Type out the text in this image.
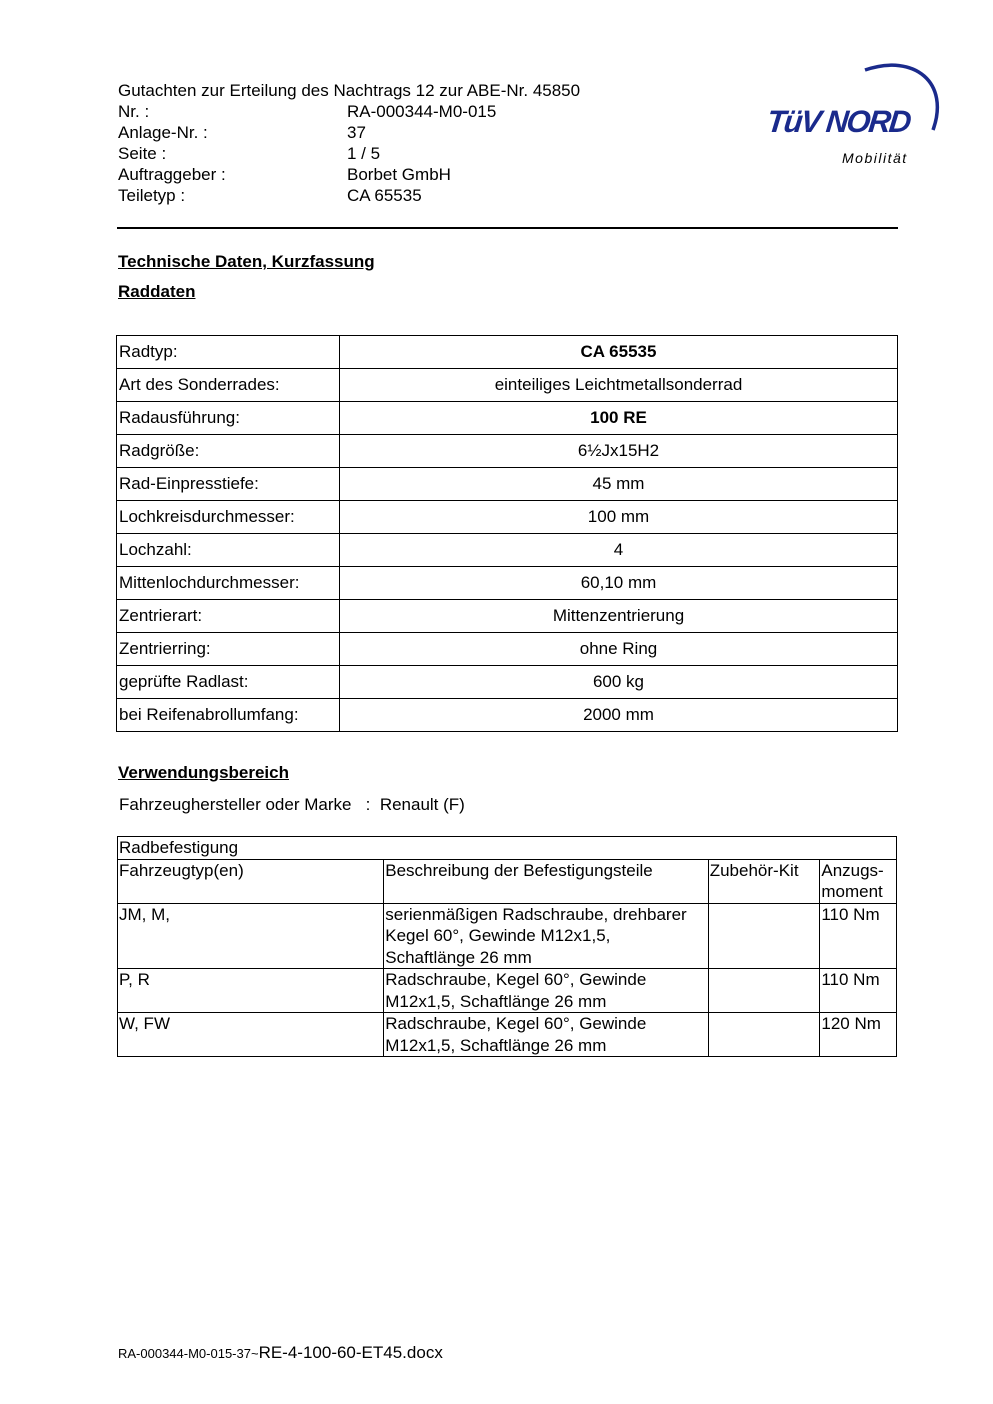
Gutachten zur Erteilung des Nachtrags 12 zur ABE-Nr. 45850
Nr. :	RA-000344-M0-015
Anlage-Nr. :	37
Seite :	1 / 5
Auftraggeber :	Borbet GmbH
Teiletyp :	CA 65535
TüV NORD
Mobilität
Technische Daten, Kurzfassung
Raddaten
Radtyp:	CA 65535
Art des Sonderrades:	einteiliges Leichtmetallsonderrad
Radausführung:	100 RE
Radgröße:	6½Jx15H2
Rad-Einpresstiefe:	45 mm
Lochkreisdurchmesser:	100 mm
Lochzahl:	4
Mittenlochdurchmesser:	60,10 mm
Zentrierart:	Mittenzentrierung
Zentrierring:	ohne Ring
geprüfte Radlast:	600 kg
bei Reifenabrollumfang:	2000 mm
Verwendungsbereich
Fahrzeughersteller oder Marke : Renault (F)
Radbefestigung			
Fahrzeugtyp(en)	Beschreibung der Befestigungsteile	Zubehör-Kit	Anzugs-
moment
JM, M,	serienmäßigen Radschraube, drehbarer
Kegel 60°, Gewinde M12x1,5,
Schaftlänge 26 mm		110 Nm
P, R	Radschraube, Kegel 60°, Gewinde
M12x1,5, Schaftlänge 26 mm		110 Nm
W, FW	Radschraube, Kegel 60°, Gewinde
M12x1,5, Schaftlänge 26 mm		120 Nm
RA-000344-M0-015-37~RE-4-100-60-ET45.docx
